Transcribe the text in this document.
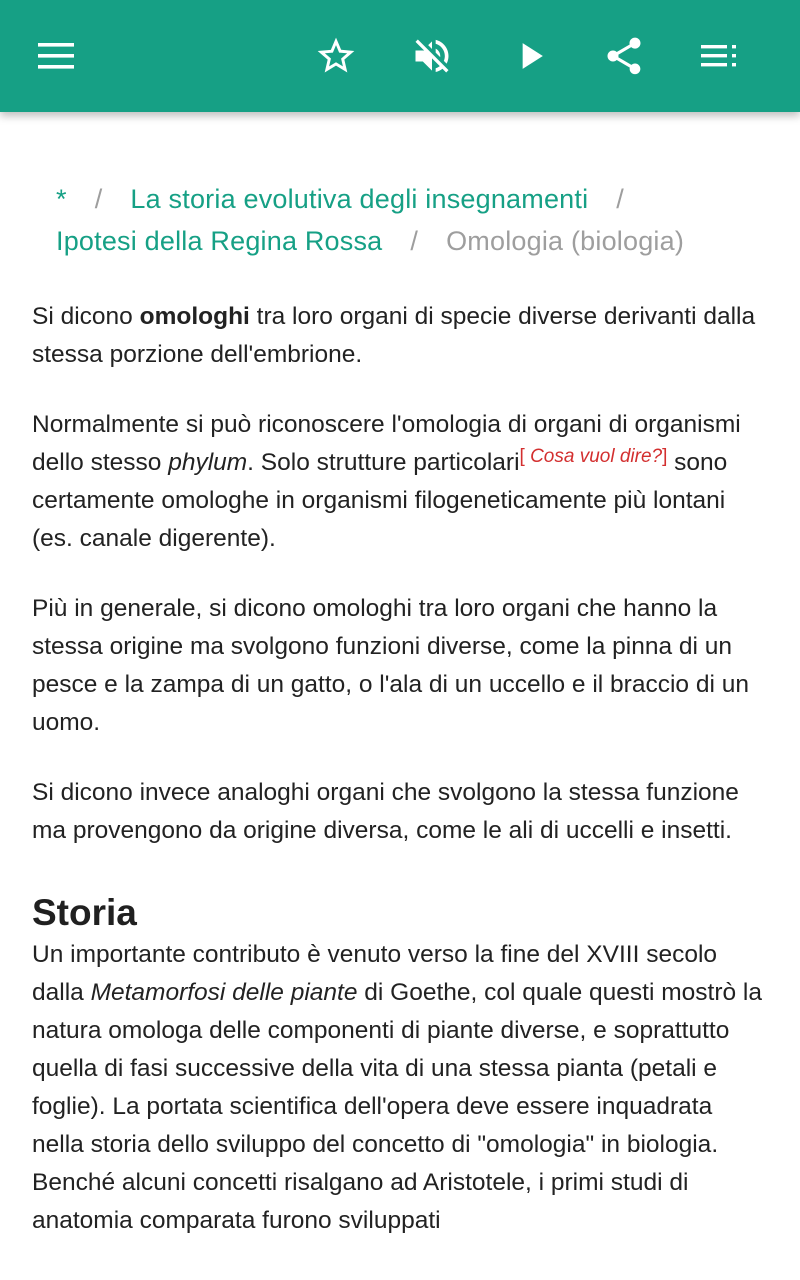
* / La storia evolutiva degli insegnamenti /
Ipotesi della Regina Rossa / Omologia (biologia)

Si dicono omologhi tra loro organi di specie diverse derivanti dalla stessa porzione dell'embrione.

Normalmente si può riconoscere l'omologia di organi di organismi dello stesso phylum. Solo strutture particolari[ Cosa vuol dire?] sono certamente omologhe in organismi filogeneticamente più lontani (es. canale digerente).

Più in generale, si dicono omologhi tra loro organi che hanno la stessa origine ma svolgono funzioni diverse, come la pinna di un pesce e la zampa di un gatto, o l'ala di un uccello e il braccio di un uomo.

Si dicono invece analoghi organi che svolgono la stessa funzione ma provengono da origine diversa, come le ali di uccelli e insetti.

Storia

Un importante contributo è venuto verso la fine del XVIII secolo dalla Metamorfosi delle piante di Goethe, col quale questi mostrò la natura omologa delle componenti di piante diverse, e soprattutto quella di fasi successive della vita di una stessa pianta (petali e foglie). La portata scientifica dell'opera deve essere inquadrata nella storia dello sviluppo del concetto di "omologia" in biologia. Benché alcuni concetti risalgano ad Aristotele, i primi studi di anatomia comparata furono sviluppati
